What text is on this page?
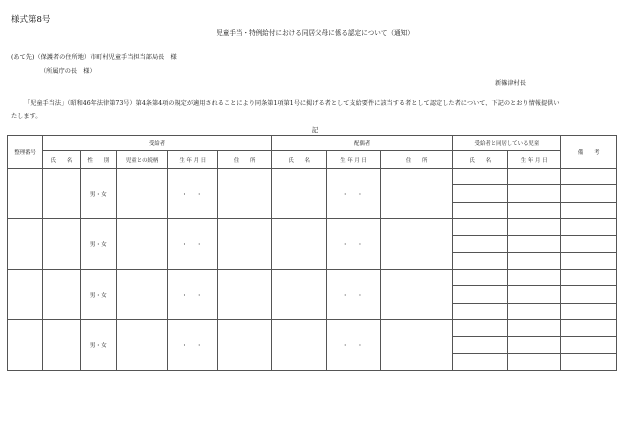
様式第8号
児童手当・特例給付における同居父母に係る認定について（通知）
(あて先)（保護者の住所地）市町村児童手当担当部局長　様
（所属庁の長　様）
新篠津村長
「児童手当法」（昭和46年法律第73号）第4条第4項の規定が適用されることにより同条第1項第1号に掲げる者として支給要件に該当する者として認定した者について、下記のとおり情報提供い
たします。
記
整理番号	受給者					配偶者			受給者と同居している児童		備　　考
	氏　　名	性　　別	児童との続柄	生 年 月 日	住　　所	氏　　名	生 年 月 日	住　　所	氏　　名	生 年 月 日	
		男・女		・　・			・　・				

		男・女		・　・			・　・				

		男・女		・　・			・　・				

		男・女		・　・			・　・				
